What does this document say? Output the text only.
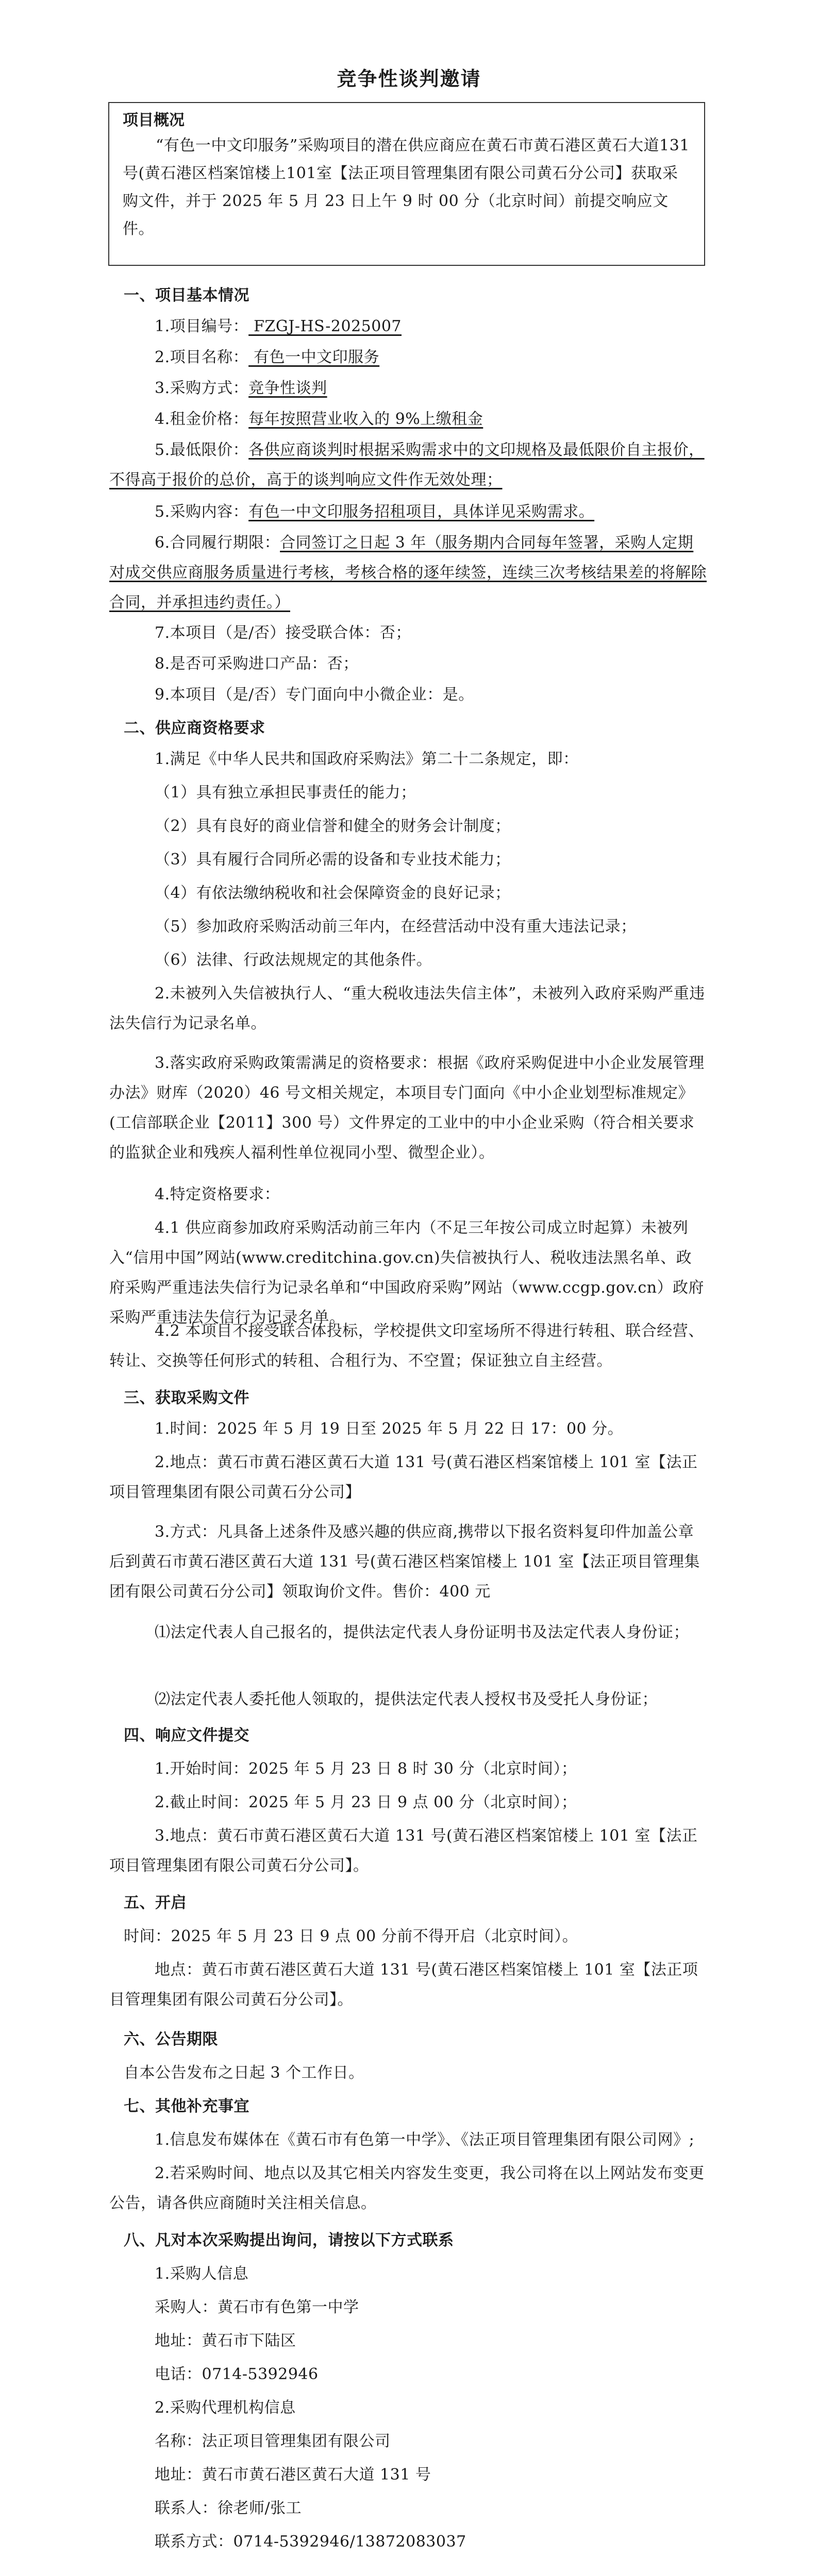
竞争性谈判邀请
项目概况
“有色一中文印服务”采购项目的潜在供应商应在黄石市黄石港区黄石大道131号(黄石港区档案馆楼上101室【法正项目管理集团有限公司黄石分公司】获取采购文件，并于 2025 年 5 月 23 日上午 9 时 00 分（北京时间）前提交响应文件。
一、项目基本情况
1.项目编号： FZGJ-HS-2025007
2.项目名称： 有色一中文印服务
3.采购方式：竞争性谈判
4.租金价格：每年按照营业收入的 9%上缴租金
5.最低限价：各供应商谈判时根据采购需求中的文印规格及最低限价自主报价，不得高于报价的总价，高于的谈判响应文件作无效处理；
5.采购内容：有色一中文印服务招租项目，具体详见采购需求。
6.合同履行期限：合同签订之日起 3 年（服务期内合同每年签署，采购人定期对成交供应商服务质量进行考核，考核合格的逐年续签，连续三次考核结果差的将解除合同，并承担违约责任。）
7.本项目（是/否）接受联合体：否；
8.是否可采购进口产品：否；
9.本项目（是/否）专门面向中小微企业：是。
二、供应商资格要求
1.满足《中华人民共和国政府采购法》第二十二条规定，即：
（1）具有独立承担民事责任的能力；
（2）具有良好的商业信誉和健全的财务会计制度；
（3）具有履行合同所必需的设备和专业技术能力；
（4）有依法缴纳税收和社会保障资金的良好记录；
（5）参加政府采购活动前三年内，在经营活动中没有重大违法记录；
（6）法律、行政法规规定的其他条件。
2.未被列入失信被执行人、“重大税收违法失信主体”，未被列入政府采购严重违法失信行为记录名单。
3.落实政府采购政策需满足的资格要求：根据《政府采购促进中小企业发展管理办法》财库（2020）46 号文相关规定，本项目专门面向《中小企业划型标准规定》(工信部联企业【2011】300 号）文件界定的工业中的中小企业采购（符合相关要求的监狱企业和残疾人福利性单位视同小型、微型企业）。
4.特定资格要求：
4.1 供应商参加政府采购活动前三年内（不足三年按公司成立时起算）未被列入“信用中国”网站(www.creditchina.gov.cn)失信被执行人、税收违法黑名单、政府采购严重违法失信行为记录名单和“中国政府采购”网站（www.ccgp.gov.cn）政府采购严重违法失信行为记录名单。
4.2 本项目不接受联合体投标，学校提供文印室场所不得进行转租、联合经营、转让、交换等任何形式的转租、合租行为、不空置；保证独立自主经营。
三、获取采购文件
1.时间：2025 年 5 月 19 日至 2025 年 5 月 22 日 17：00 分。
2.地点：黄石市黄石港区黄石大道 131 号(黄石港区档案馆楼上 101 室【法正项目管理集团有限公司黄石分公司】
3.方式：凡具备上述条件及感兴趣的供应商,携带以下报名资料复印件加盖公章后到黄石市黄石港区黄石大道 131 号(黄石港区档案馆楼上 101 室【法正项目管理集团有限公司黄石分公司】领取询价文件。售价：400 元
⑴法定代表人自己报名的，提供法定代表人身份证明书及法定代表人身份证；
⑵法定代表人委托他人领取的，提供法定代表人授权书及受托人身份证；
四、响应文件提交
1.开始时间：2025 年 5 月 23 日 8 时 30 分（北京时间）；
2.截止时间：2025 年 5 月 23 日 9 点 00 分（北京时间）；
3.地点：黄石市黄石港区黄石大道 131 号(黄石港区档案馆楼上 101 室【法正项目管理集团有限公司黄石分公司】。
五、开启
时间：2025 年 5 月 23 日 9 点 00 分前不得开启（北京时间）。
地点：黄石市黄石港区黄石大道 131 号(黄石港区档案馆楼上 101 室【法正项目管理集团有限公司黄石分公司】。
六、公告期限
自本公告发布之日起 3 个工作日。
七、其他补充事宜
1.信息发布媒体在《黄石市有色第一中学》、《法正项目管理集团有限公司网》;
2.若采购时间、地点以及其它相关内容发生变更，我公司将在以上网站发布变更公告，请各供应商随时关注相关信息。
八、凡对本次采购提出询问，请按以下方式联系
1.采购人信息
采购人：黄石市有色第一中学
地址：黄石市下陆区
电话：0714-5392946
2.采购代理机构信息
名称：法正项目管理集团有限公司
地址：黄石市黄石港区黄石大道 131 号
联系人：徐老师/张工
联系方式：0714-5392946/13872083037
